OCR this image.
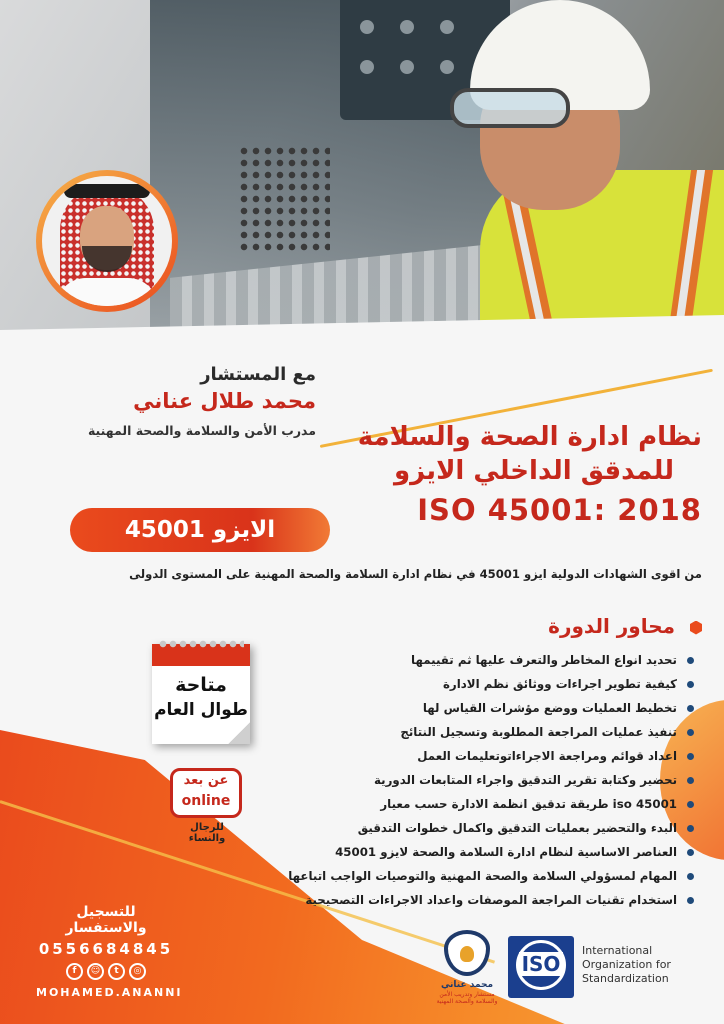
مع المستشار
محمد طلال عناني
مدرب الأمن والسلامة والصحة المهنية	نظام ادارة الصحة والسلامة
للمدقق الداخلي الايزو
ISO 45001: 2018
الايزو 45001
من اقوى الشهادات الدولية ايزو 45001 في نظام ادارة السلامة والصحة المهنية على المستوى الدولى
محاور الدورة
تحديد انواع المخاطر والتعرف عليها ثم تقييمها
كيفية تطوير اجراءات ووثائق نظم الادارة
تخطيط العمليات ووضع مؤشرات القياس لها
تنفيذ عمليات المراجعة المطلوبة وتسجيل النتائج
اعداد قوائم ومراجعة الاجراءاتوتعليمات العمل
تحضير وكتابة تقرير التدقيق واجراء المتابعات الدورية
iso 45001 طريقة تدقيق انظمة الادارة حسب معيار
البدء والتحضير بعمليات التدقيق واكمال خطوات التدقيق
العناصر الاساسية لنظام ادارة السلامة والصحة لايزو 45001
المهام لمسؤولي السلامة والصحة المهنية والتوصيات الواجب اتباعها
استخدام تقنيات المراجعة الموصفات واعداد الاجراءات التصحيحية
متاحة
طوال العام
عن بعد
online
للرجال والنساء
للتسجيل والاستفسار
0556684845
f	☺	t	◎
MOHAMED.ANANNI
محمد عناني
مستشار وتدريب الأمن والسلامة والصحة المهنية
ISO
International
Organization for
Standardization
